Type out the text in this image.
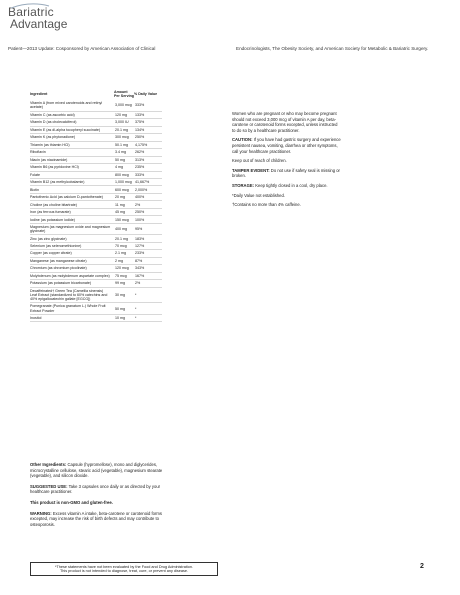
Bariatric
Advantage
Patient—2013 Update: Cosponsored by American Association of Clinical	Endocrinologists, The Obesity Society, and American Society for Metabolic & Bariatric Surgery.
Ingredient	Amount Per Serving	% Daily Value
Vitamin A (from mixed carotenoids and retinyl acetate)	3,000 mcg	333%
Vitamin C (as ascorbic acid)	120 mg	133%
Vitamin D (as cholecalciferol)	3,000 IU	375%
Vitamin E (as dl-alpha tocopheryl succinate)	20.1 mg	134%
Vitamin K (as phytonadione)	300 mcg	250%
Thiamin (as thiamin HCl)	50.1 mg	4,175%
Riboflavin	3.4 mg	262%
Niacin (as niacinamide)	50 mg	313%
Vitamin B6 (as pyridoxine HCl)	4 mg	235%
Folate	800 mcg	333%
Vitamin B12 (as methylcobalamin)	1,000 mcg	41,667%
Biotin	600 mcg	2,000%
Pantothenic Acid (as calcium D-pantothenate)	20 mg	400%
Choline (as choline bitartrate)	11 mg	2%
Iron (as ferrous fumarate)	45 mg	250%
Iodine (as potassium iodide)	150 mcg	100%
Magnesium (as magnesium oxide and magnesium glycinate)	400 mg	95%
Zinc (as zinc glycinate)	20.1 mg	183%
Selenium (as selenomethionine)	70 mcg	127%
Copper (as copper citrate)	2.1 mg	233%
Manganese (as manganese citrate)	2 mg	87%
Chromium (as chromium picolinate)	120 mcg	343%
Molybdenum (as molybdenum aspartate complex)	75 mcg	167%
Potassium (as potassium bicarbonate)	99 mg	2%
Decaffeinated† Green Tea (Camellia sinensis) Leaf Extract (standardized to 60% catechins and 40% epigallocatechin gallate [EGCG])	30 mg	*
Pomegranate (Punica granatum L.) Whole Fruit Extract Powder	50 mg	*
Inositol	10 mg	*

Other Ingredients: Capsule (hypromellose), mono and diglycerides, microcrystalline cellulose, stearic acid (vegetable), magnesium stearate (vegetable), and silicon dioxide.

SUGGESTED USE: Take 3 capsules once daily or as directed by your healthcare practitioner.

This product is non-GMO and gluten-free.

WARNING: Excess vitamin A intake, beta-carotene or carotenoid forms excepted, may increase the risk of birth defects and may contribute to osteoporosis.

Women who are pregnant or who may become pregnant should not exceed 3,000 mcg of vitamin A per day, beta-carotene or carotenoid forms excepted, unless instructed to do so by a healthcare practitioner.

CAUTION: If you have had gastric surgery and experience persistent nausea, vomiting, diarrhea or other symptoms, call your healthcare practitioner.

Keep out of reach of children.

TAMPER EVIDENT: Do not use if safety seal is missing or broken.

STORAGE: Keep tightly closed in a cool, dry place.

*Daily Value not established.

†Contains no more than 4% caffeine.

*These statements have not been evaluated by the Food and Drug Administration.
This product is not intended to diagnose, treat, cure, or prevent any disease.
2
